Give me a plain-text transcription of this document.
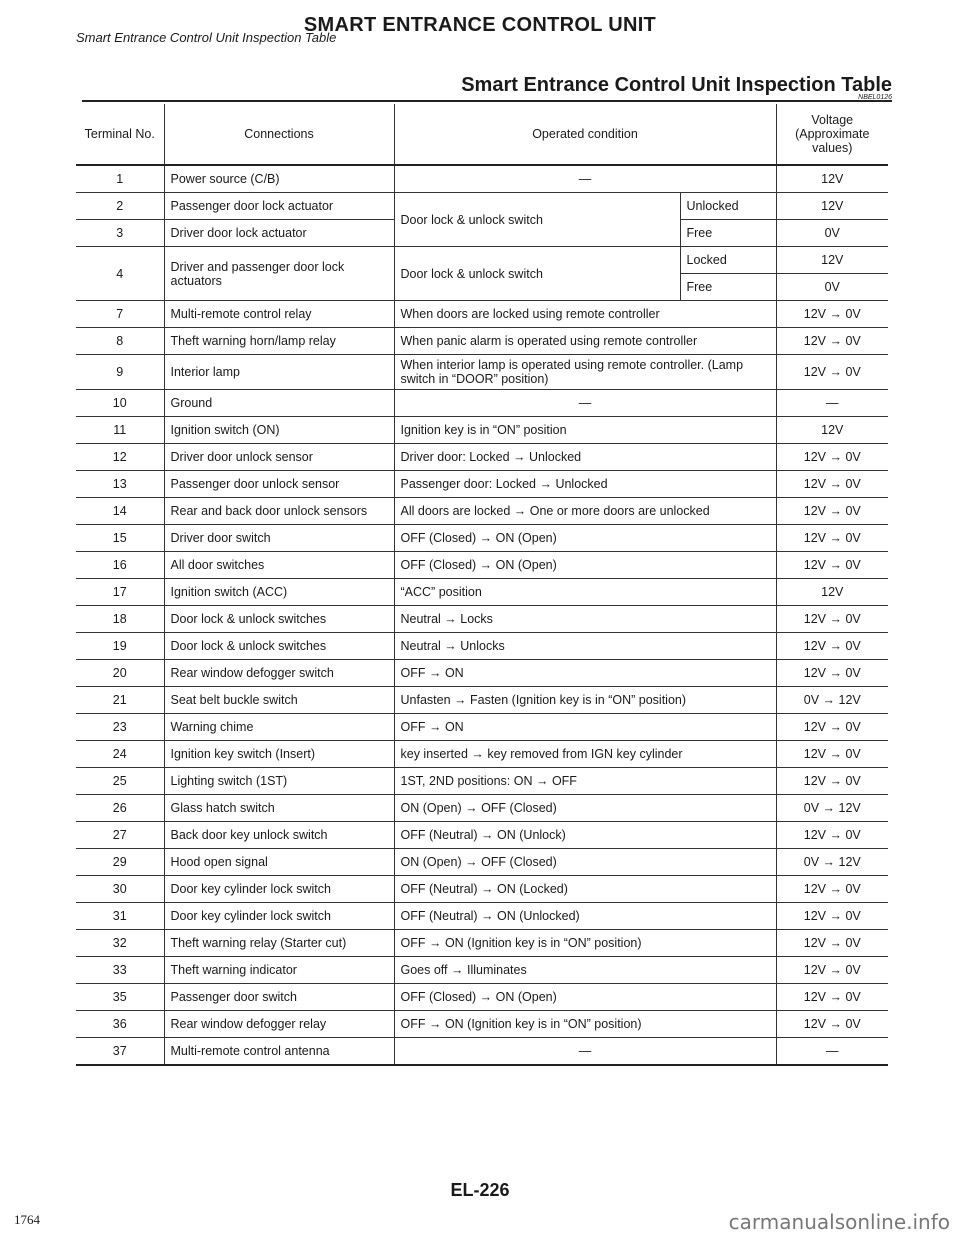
SMART ENTRANCE CONTROL UNIT
Smart Entrance Control Unit Inspection Table
Smart Entrance Control Unit Inspection Table
NBEL0126
Terminal No.	Connections	Operated condition		Voltage (Approximate values)
1	Power source (C/B)	—		12V
2	Passenger door lock actuator	Door lock & unlock switch	Unlocked	12V
3	Driver door lock actuator		Free	0V
4	Driver and passenger door lock actuators	Door lock & unlock switch	Locked	12V
			Free	0V
7	Multi-remote control relay	When doors are locked using remote controller		12V → 0V
8	Theft warning horn/lamp relay	When panic alarm is operated using remote controller		12V → 0V
9	Interior lamp	When interior lamp is operated using remote controller. (Lamp switch in “DOOR” position)		12V → 0V
10	Ground	—		—
11	Ignition switch (ON)	Ignition key is in “ON” position		12V
12	Driver door unlock sensor	Driver door: Locked → Unlocked		12V → 0V
13	Passenger door unlock sensor	Passenger door: Locked → Unlocked		12V → 0V
14	Rear and back door unlock sensors	All doors are locked → One or more doors are unlocked		12V → 0V
15	Driver door switch	OFF (Closed) → ON (Open)		12V → 0V
16	All door switches	OFF (Closed) → ON (Open)		12V → 0V
17	Ignition switch (ACC)	“ACC” position		12V
18	Door lock & unlock switches	Neutral → Locks		12V → 0V
19	Door lock & unlock switches	Neutral → Unlocks		12V → 0V
20	Rear window defogger switch	OFF → ON		12V → 0V
21	Seat belt buckle switch	Unfasten → Fasten (Ignition key is in “ON” position)		0V → 12V
23	Warning chime	OFF → ON		12V → 0V
24	Ignition key switch (Insert)	key inserted → key removed from IGN key cylinder		12V → 0V
25	Lighting switch (1ST)	1ST, 2ND positions: ON → OFF		12V → 0V
26	Glass hatch switch	ON (Open) → OFF (Closed)		0V → 12V
27	Back door key unlock switch	OFF (Neutral) → ON (Unlock)		12V → 0V
29	Hood open signal	ON (Open) → OFF (Closed)		0V → 12V
30	Door key cylinder lock switch	OFF (Neutral) → ON (Locked)		12V → 0V
31	Door key cylinder lock switch	OFF (Neutral) → ON (Unlocked)		12V → 0V
32	Theft warning relay (Starter cut)	OFF → ON (Ignition key is in “ON” position)		12V → 0V
33	Theft warning indicator	Goes off → Illuminates		12V → 0V
35	Passenger door switch	OFF (Closed) → ON (Open)		12V → 0V
36	Rear window defogger relay	OFF → ON (Ignition key is in “ON” position)		12V → 0V
37	Multi-remote control antenna	—		—
EL-226
1764	carmanualsonline.info
